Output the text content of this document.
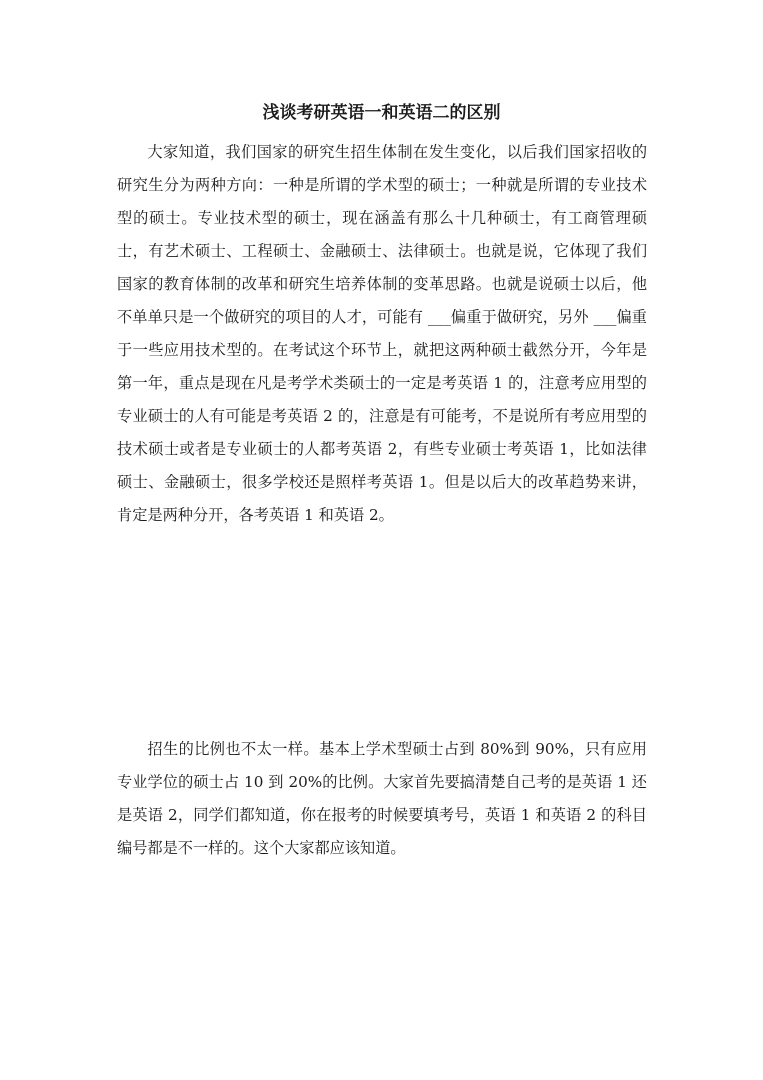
浅谈考研英语一和英语二的区别

大家知道，我们国家的研究生招生体制在发生变化，以后我们国家招收的研究生分为两种方向：一种是所谓的学术型的硕士；一种就是所谓的专业技术型的硕士。专业技术型的硕士，现在涵盖有那么十几种硕士，有工商管理硕士，有艺术硕士、工程硕士、金融硕士、法律硕士。也就是说，它体现了我们国家的教育体制的改革和研究生培养体制的变革思路。也就是说硕士以后，他不单单只是一个做研究的项目的人才，可能有 ___偏重于做研究，另外 ___偏重于一些应用技术型的。在考试这个环节上，就把这两种硕士截然分开，今年是第一年，重点是现在凡是考学术类硕士的一定是考英语 1 的，注意考应用型的专业硕士的人有可能是考英语 2 的，注意是有可能考，不是说所有考应用型的技术硕士或者是专业硕士的人都考英语 2，有些专业硕士考英语 1，比如法律硕士、金融硕士，很多学校还是照样考英语 1。但是以后大的改革趋势来讲，肯定是两种分开，各考英语 1 和英语 2。

招生的比例也不太一样。基本上学术型硕士占到 80%到 90%，只有应用专业学位的硕士占 10 到 20%的比例。大家首先要搞清楚自己考的是英语 1 还是英语 2，同学们都知道，你在报考的时候要填考号，英语 1 和英语 2 的科目编号都是不一样的。这个大家都应该知道。
